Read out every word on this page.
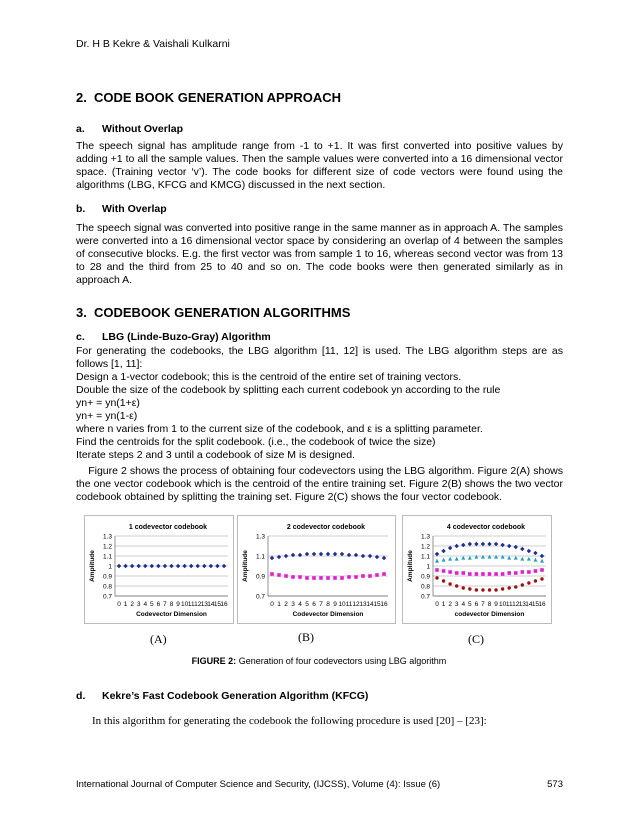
Dr. H B Kekre & Vaishali Kulkarni
2. CODE BOOK GENERATION APPROACH
a. Without Overlap
The speech signal has amplitude range from -1 to +1. It was first converted into positive values by adding +1 to all the sample values. Then the sample values were converted into a 16 dimensional vector space. (Training vector ‘v’). The code books for different size of code vectors were found using the algorithms (LBG, KFCG and KMCG) discussed in the next section.
b. With Overlap
The speech signal was converted into positive range in the same manner as in approach A. The samples were converted into a 16 dimensional vector space by considering an overlap of 4 between the samples of consecutive blocks. E.g. the first vector was from sample 1 to 16, whereas second vector was from 13 to 28 and the third from 25 to 40 and so on. The code books were then generated similarly as in approach A.
3. CODEBOOK GENERATION ALGORITHMS
c. LBG (Linde-Buzo-Gray) Algorithm
For generating the codebooks, the LBG algorithm [11, 12] is used. The LBG algorithm steps are as follows [1, 11]:
Design a 1-vector codebook; this is the centroid of the entire set of training vectors.
Double the size of the codebook by splitting each current codebook yn according to the rule
yn+ = yn(1+ε)
yn+ = yn(1-ε)
where n varies from 1 to the current size of the codebook, and ε is a splitting parameter.
Find the centroids for the split codebook. (i.e., the codebook of twice the size)
Iterate steps 2 and 3 until a codebook of size M is designed.
Figure 2 shows the process of obtaining four codevectors using the LBG algorithm. Figure 2(A) shows the one vector codebook which is the centroid of the entire training set. Figure 2(B) shows the two vector codebook obtained by splitting the training set. Figure 2(C) shows the four vector codebook.
1.3
1.2
1.1
1
0.9
0.8
0.7
0 1 2 3 4 5 6 7 8 9 10 11 12 13 14 15 16
1 codevector codebook
Codevector Dimension
Amplitude
1.3
1.1
0.9
0.7
0 1 2 3 4 5 6 7 8 9 10 11 12 13 14 15 16
2 codevector codebook
Codevector Dimension
Amplitude
1.3
1.2
1.1
1
0.9
0.8
0.7
0 1 2 3 4 5 6 7 8 9 10 11 12 13 14 15 16
4 codevector codebook
codevector Dimension
Amplitude
(A)	(B)	(C)
FIGURE 2: Generation of four codevectors using LBG algorithm
d. Kekre’s Fast Codebook Generation Algorithm (KFCG)
In this algorithm for generating the codebook the following procedure is used [20] – [23]:
International Journal of Computer Science and Security, (IJCSS), Volume (4): Issue (6)	573
